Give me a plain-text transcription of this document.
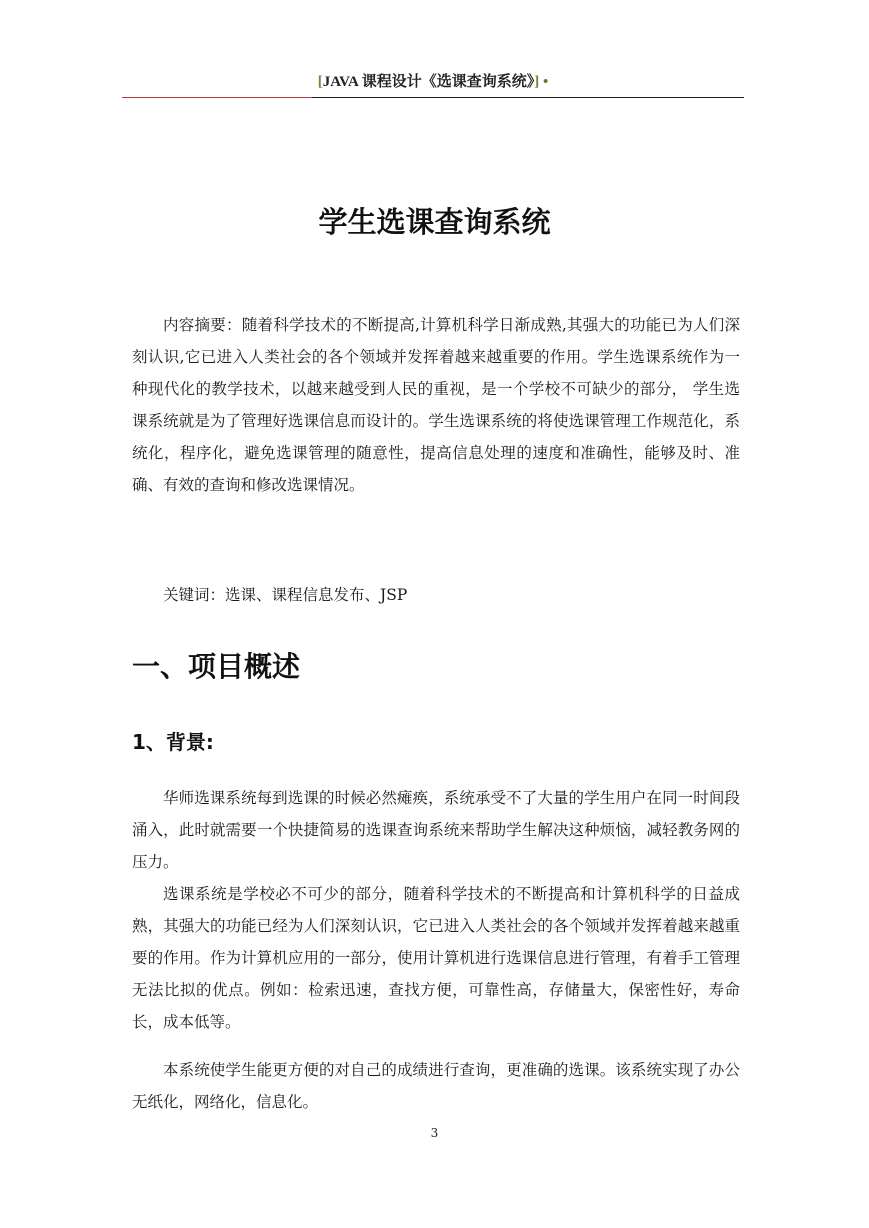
[JAVA 课程设计《选课查询系统》] •
学生选课查询系统

内容摘要：随着科学技术的不断提高,计算机科学日渐成熟,其强大的功能已为人们深刻认识,它已进入人类社会的各个领域并发挥着越来越重要的作用。学生选课系统作为一种现代化的教学技术，以越来越受到人民的重视，是一个学校不可缺少的部分， 学生选课系统就是为了管理好选课信息而设计的。学生选课系统的将使选课管理工作规范化，系统化，程序化，避免选课管理的随意性，提高信息处理的速度和准确性，能够及时、准确、有效的查询和修改选课情况。

关键词：选课、课程信息发布、JSP

一、项目概述
1、背景:

华师选课系统每到选课的时候必然瘫痪，系统承受不了大量的学生用户在同一时间段涌入，此时就需要一个快捷简易的选课查询系统来帮助学生解决这种烦恼，减轻教务网的压力。

选课系统是学校必不可少的部分，随着科学技术的不断提高和计算机科学的日益成熟，其强大的功能已经为人们深刻认识，它已进入人类社会的各个领域并发挥着越来越重要的作用。作为计算机应用的一部分，使用计算机进行选课信息进行管理，有着手工管理无法比拟的优点。例如：检索迅速，查找方便，可靠性高，存储量大，保密性好，寿命长，成本低等。

本系统使学生能更方便的对自己的成绩进行查询，更准确的选课。该系统实现了办公无纸化，网络化，信息化。

3
